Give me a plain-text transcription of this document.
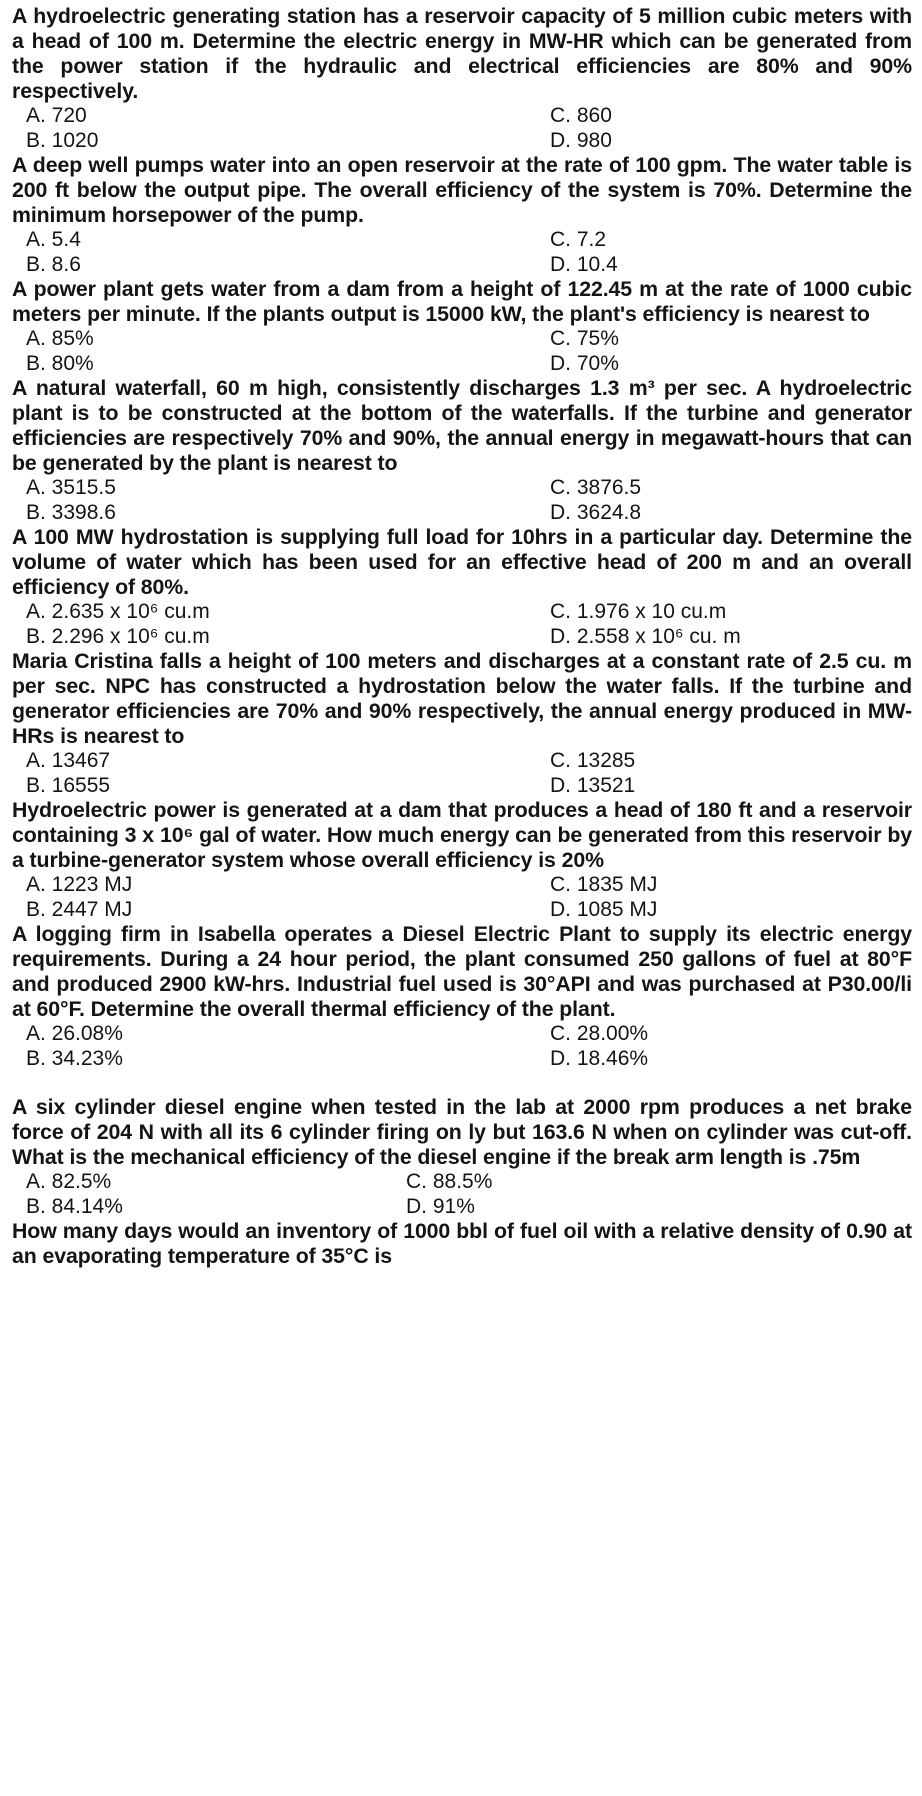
A hydroelectric generating station has a reservoir capacity of 5 million cubic meters with a head of 100 m. Determine the electric energy in MW-HR which can be generated from the power station if the hydraulic and electrical efficiencies are 80% and 90% respectively.
A. 720	C. 860
B. 1020	D. 980
A deep well pumps water into an open reservoir at the rate of 100 gpm. The water table is 200 ft below the output pipe. The overall efficiency of the system is 70%. Determine the minimum horsepower of the pump.
A. 5.4	C. 7.2
B. 8.6	D. 10.4
A power plant gets water from a dam from a height of 122.45 m at the rate of 1000 cubic meters per minute. If the plants output is 15000 kW, the plant's efficiency is nearest to
A. 85%	C. 75%
B. 80%	D. 70%
A natural waterfall, 60 m high, consistently discharges 1.3 m³ per sec. A hydroelectric plant is to be constructed at the bottom of the waterfalls. If the turbine and generator efficiencies are respectively 70% and 90%, the annual energy in megawatt-hours that can be generated by the plant is nearest to
A. 3515.5	C. 3876.5
B. 3398.6	D. 3624.8
A 100 MW hydrostation is supplying full load for 10hrs in a particular day. Determine the volume of water which has been used for an effective head of 200 m and an overall efficiency of 80%.
A. 2.635 x 10⁶ cu.m	C. 1.976 x 10 cu.m
B. 2.296 x 10⁶ cu.m	D. 2.558 x 10⁶ cu. m
Maria Cristina falls a height of 100 meters and discharges at a constant rate of 2.5 cu. m per sec. NPC has constructed a hydrostation below the water falls. If the turbine and generator efficiencies are 70% and 90% respectively, the annual energy produced in MW-HRs is nearest to
A. 13467	C. 13285
B. 16555	D. 13521
Hydroelectric power is generated at a dam that produces a head of 180 ft and a reservoir containing 3 x 10⁶ gal of water. How much energy can be generated from this reservoir by a turbine-generator system whose overall efficiency is 20%
A. 1223 MJ	C. 1835 MJ
B. 2447 MJ	D. 1085 MJ
A logging firm in Isabella operates a Diesel Electric Plant to supply its electric energy requirements. During a 24 hour period, the plant consumed 250 gallons of fuel at 80°F and produced 2900 kW-hrs. Industrial fuel used is 30°API and was purchased at P30.00/li at 60°F. Determine the overall thermal efficiency of the plant.
A. 26.08%	C. 28.00%
B. 34.23%	D. 18.46%
A six cylinder diesel engine when tested in the lab at 2000 rpm produces a net brake force of 204 N with all its 6 cylinder firing on ly but 163.6 N when on cylinder was cut-off. What is the mechanical efficiency of the diesel engine if the break arm length is .75m
A. 82.5%	C. 88.5%
B. 84.14%	D. 91%
How many days would an inventory of 1000 bbl of fuel oil with a relative density of 0.90 at an evaporating temperature of 35°C is
